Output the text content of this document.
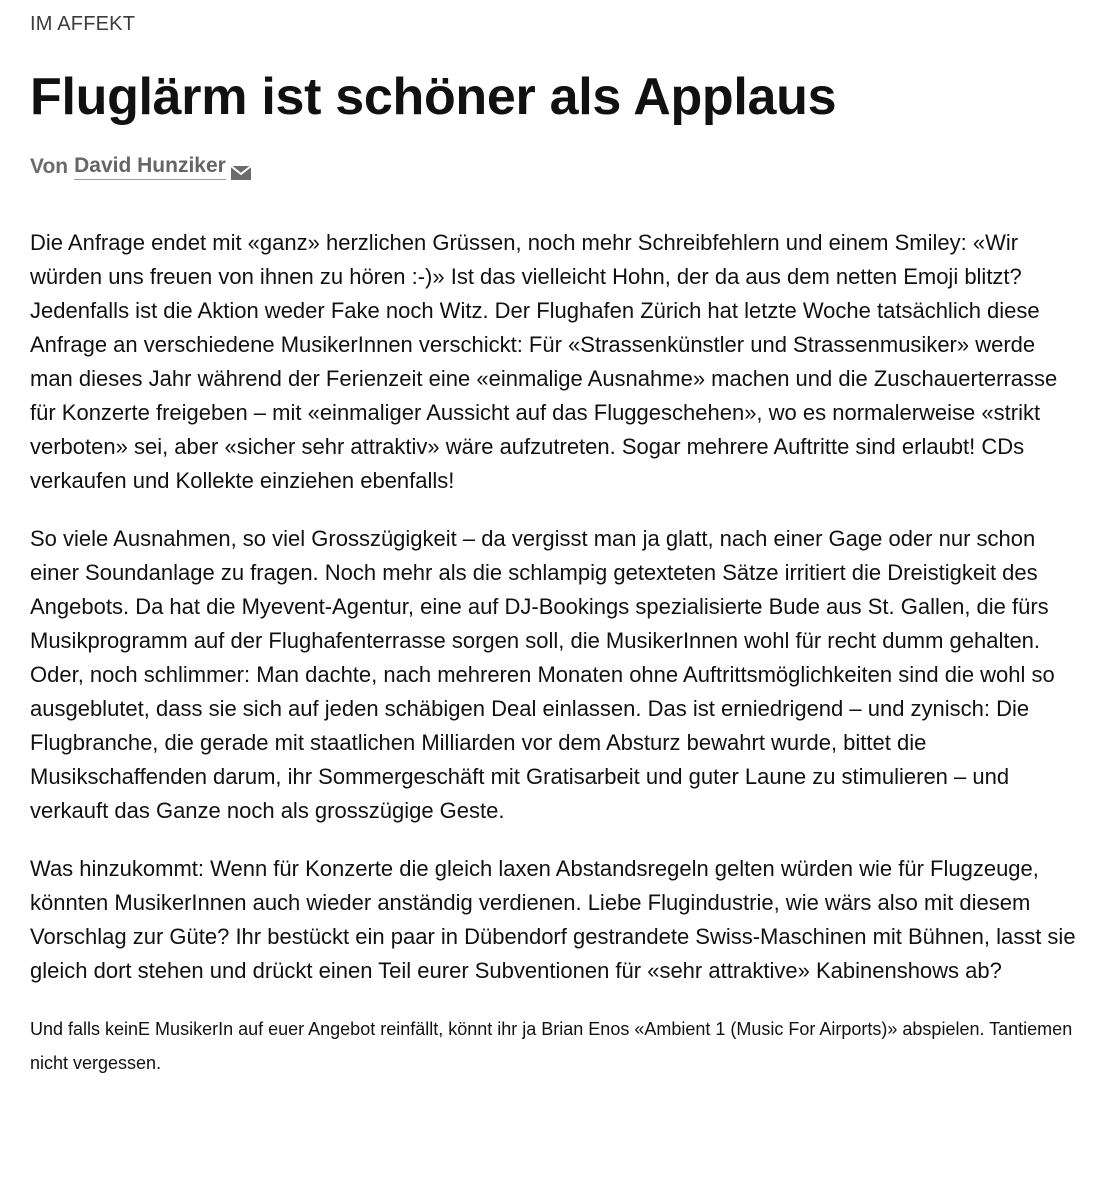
IM AFFEKT
Fluglärm ist schöner als Applaus
Von David Hunziker

Die Anfrage endet mit «ganz» herzlichen Grüssen, noch mehr Schreibfehlern und einem Smiley: «Wir würden uns freuen von ihnen zu hören :-)» Ist das vielleicht Hohn, der da aus dem netten Emoji blitzt? Jedenfalls ist die Aktion weder Fake noch Witz. Der Flughafen Zürich hat letzte Woche tatsächlich diese Anfrage an verschiedene MusikerInnen verschickt: Für «Strassenkünstler und Strassenmusiker» werde man dieses Jahr während der Ferienzeit eine «einmalige Ausnahme» machen und die Zuschauerterrasse für Konzerte freigeben – mit «einmaliger Aussicht auf das Fluggeschehen», wo es normalerweise «strikt verboten» sei, aber «sicher sehr attraktiv» wäre aufzutreten. Sogar mehrere Auftritte sind erlaubt! CDs verkaufen und Kollekte einziehen ebenfalls!

So viele Ausnahmen, so viel Grosszügigkeit – da vergisst man ja glatt, nach einer Gage oder nur schon einer Soundanlage zu fragen. Noch mehr als die schlampig getexteten Sätze irritiert die Dreistigkeit des Angebots. Da hat die Myevent-Agentur, eine auf DJ-Bookings spezialisierte Bude aus St. Gallen, die fürs Musikprogramm auf der Flughafenterrasse sorgen soll, die MusikerInnen wohl für recht dumm gehalten. Oder, noch schlimmer: Man dachte, nach mehreren Monaten ohne Auftrittsmöglichkeiten sind die wohl so ausgeblutet, dass sie sich auf jeden schäbigen Deal einlassen. Das ist erniedrigend – und zynisch: Die Flugbranche, die gerade mit staatlichen Milliarden vor dem Absturz bewahrt wurde, bittet die Musikschaffenden darum, ihr Sommergeschäft mit Gratisarbeit und guter Laune zu stimulieren – und verkauft das Ganze noch als grosszügige Geste.

Was hinzukommt: Wenn für Konzerte die gleich laxen Abstandsregeln gelten würden wie für Flugzeuge, könnten MusikerInnen auch wieder anständig verdienen. Liebe Flugindustrie, wie wärs also mit diesem Vorschlag zur Güte? Ihr bestückt ein paar in Dübendorf gestrandete Swiss-Maschinen mit Bühnen, lasst sie gleich dort stehen und drückt einen Teil eurer Subventionen für «sehr attraktive» Kabinenshows ab?

Und falls keinE MusikerIn auf euer Angebot reinfällt, könnt ihr ja Brian Enos «Ambient 1 (Music For Airports)» abspielen. Tantiemen nicht vergessen.
